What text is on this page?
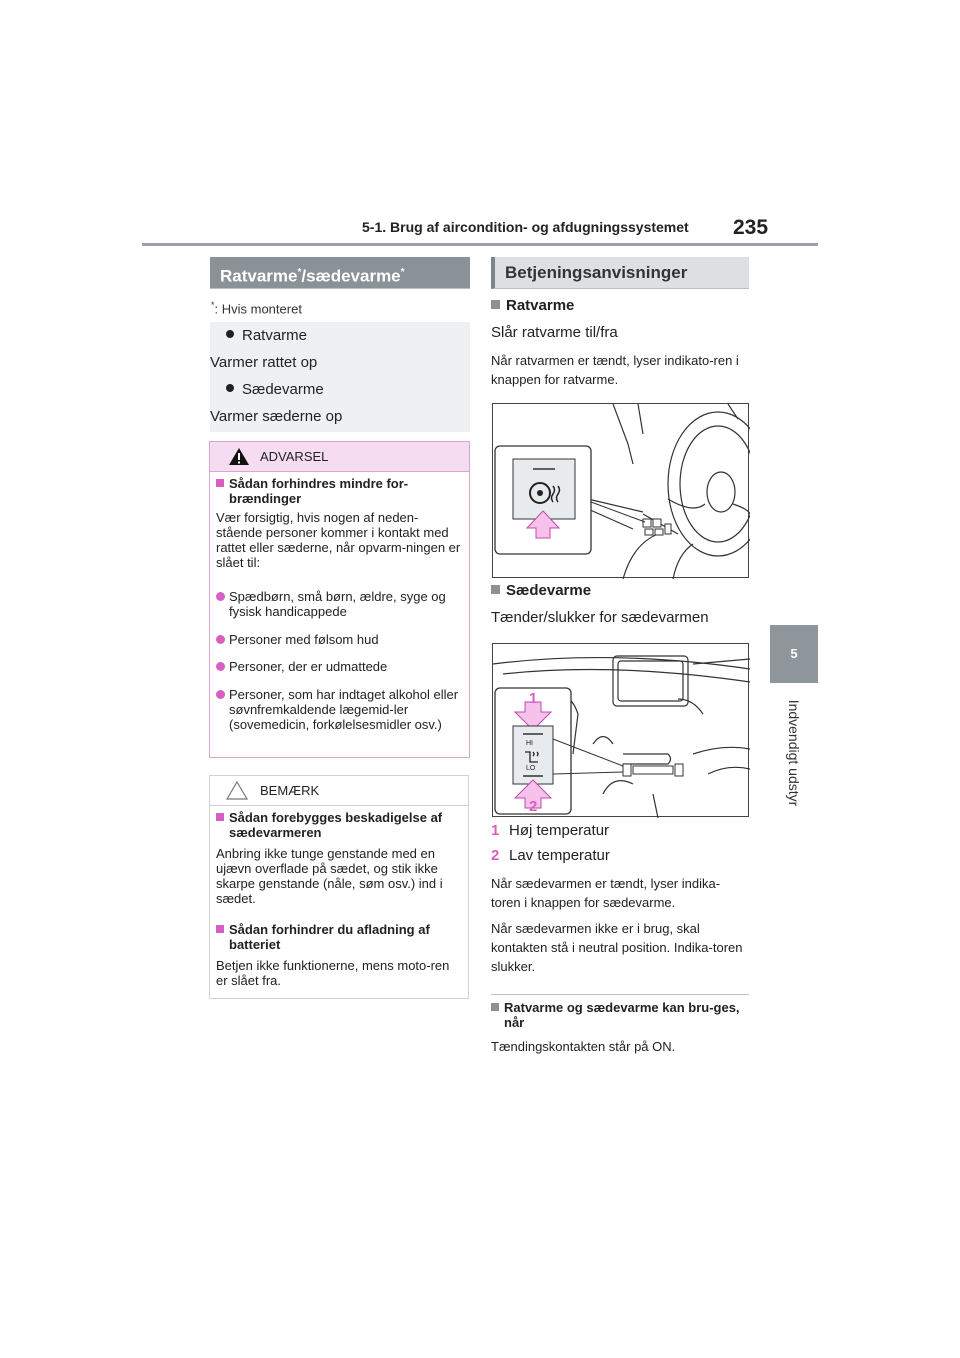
5-1. Brug af aircondition- og afdugningssystemet 235
5
Indvendigt udstyr
Ratvarme*/sædevarme*
*: Hvis monteret
Ratvarme
Varmer rattet op
Sædevarme
Varmer sæderne op
ADVARSEL
Sådan forhindres mindre for-brændinger
Vær forsigtig, hvis nogen af neden-stående personer kommer i kontakt med rattet eller sæderne, når opvarm-ningen er slået til:
Spædbørn, små børn, ældre, syge og fysisk handicappede
Personer med følsom hud
Personer, der er udmattede
Personer, som har indtaget alkohol eller søvnfremkaldende lægemid-ler (sovemedicin, forkølelsesmidler osv.)
BEMÆRK
Sådan forebygges beskadigelse af sædevarmeren
Anbring ikke tunge genstande med en ujævn overflade på sædet, og stik ikke skarpe genstande (nåle, søm osv.) ind i sædet.
Sådan forhindrer du afladning af batteriet
Betjen ikke funktionerne, mens moto-ren er slået fra.
Betjeningsanvisninger
Ratvarme
Slår ratvarme til/fra
Når ratvarmen er tændt, lyser indikato-ren i knappen for ratvarme.
Sædevarme
Tænder/slukker for sædevarmen
HI
LO
1
2
1 Høj temperatur
2 Lav temperatur
Når sædevarmen er tændt, lyser indika-toren i knappen for sædevarme.
Når sædevarmen ikke er i brug, skal kontakten stå i neutral position. Indika-toren slukker.
Ratvarme og sædevarme kan bru-ges, når
Tændingskontakten står på ON.
